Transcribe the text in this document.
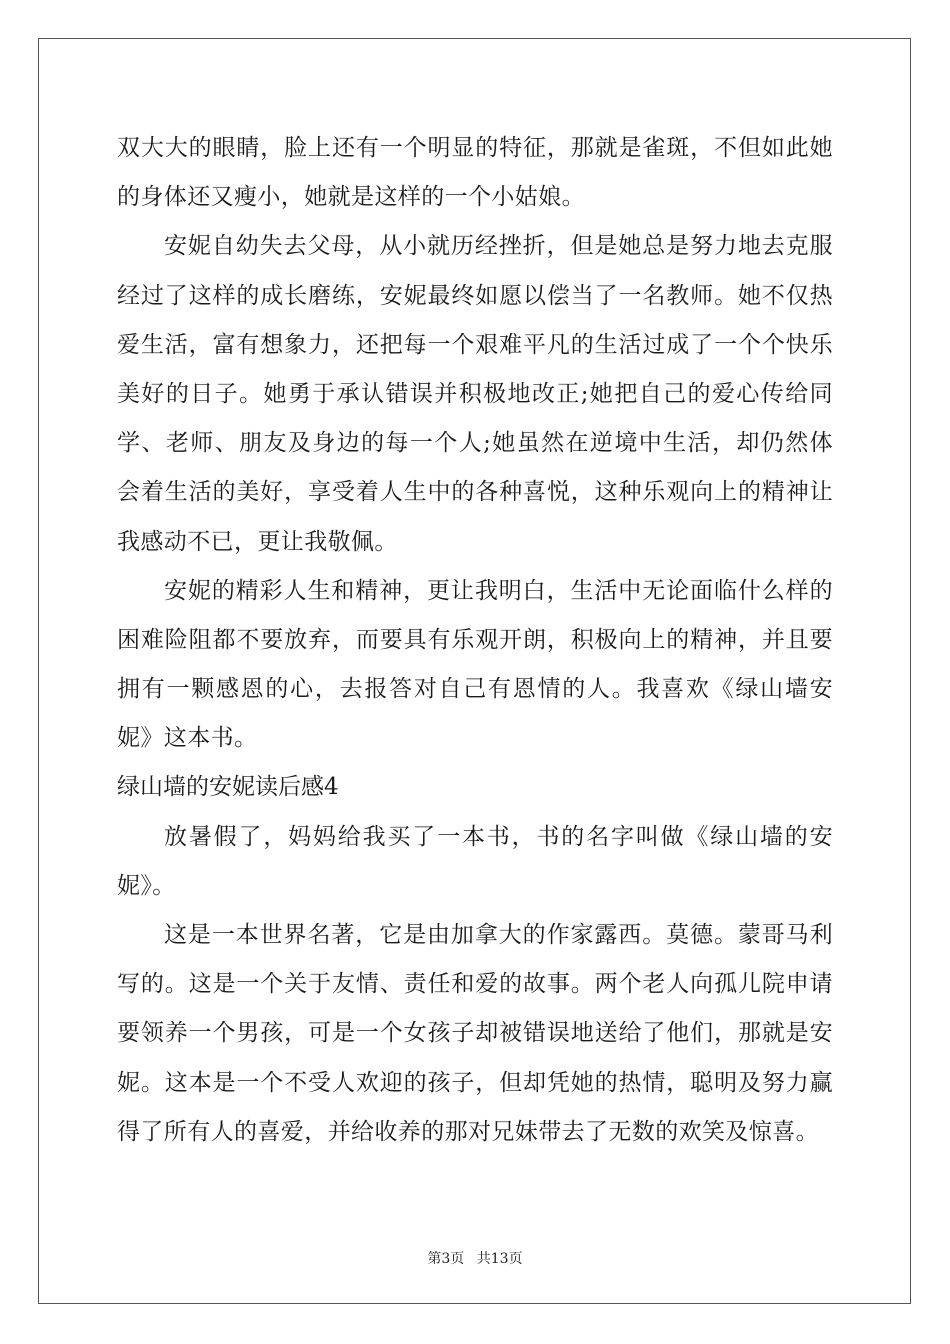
双大大的眼睛，脸上还有一个明显的特征，那就是雀斑，不但如此她
的身体还又瘦小，她就是这样的一个小姑娘。
安妮自幼失去父母，从小就历经挫折，但是她总是努力地去克服
经过了这样的成长磨练，安妮最终如愿以偿当了一名教师。她不仅热
爱生活，富有想象力，还把每一个艰难平凡的生活过成了一个个快乐
美好的日子。她勇于承认错误并积极地改正;她把自己的爱心传给同
学、老师、朋友及身边的每一个人;她虽然在逆境中生活，却仍然体
会着生活的美好，享受着人生中的各种喜悦，这种乐观向上的精神让
我感动不已，更让我敬佩。
安妮的精彩人生和精神，更让我明白，生活中无论面临什么样的
困难险阻都不要放弃，而要具有乐观开朗，积极向上的精神，并且要
拥有一颗感恩的心，去报答对自己有恩情的人。我喜欢《绿山墙安
妮》这本书。
绿山墙的安妮读后感4
放暑假了，妈妈给我买了一本书，书的名字叫做《绿山墙的安
妮》。
这是一本世界名著，它是由加拿大的作家露西。莫德。蒙哥马利
写的。这是一个关于友情、责任和爱的故事。两个老人向孤儿院申请
要领养一个男孩，可是一个女孩子却被错误地送给了他们，那就是安
妮。这本是一个不受人欢迎的孩子，但却凭她的热情，聪明及努力赢
得了所有人的喜爱，并给收养的那对兄妹带去了无数的欢笑及惊喜。
第3页 共13页
